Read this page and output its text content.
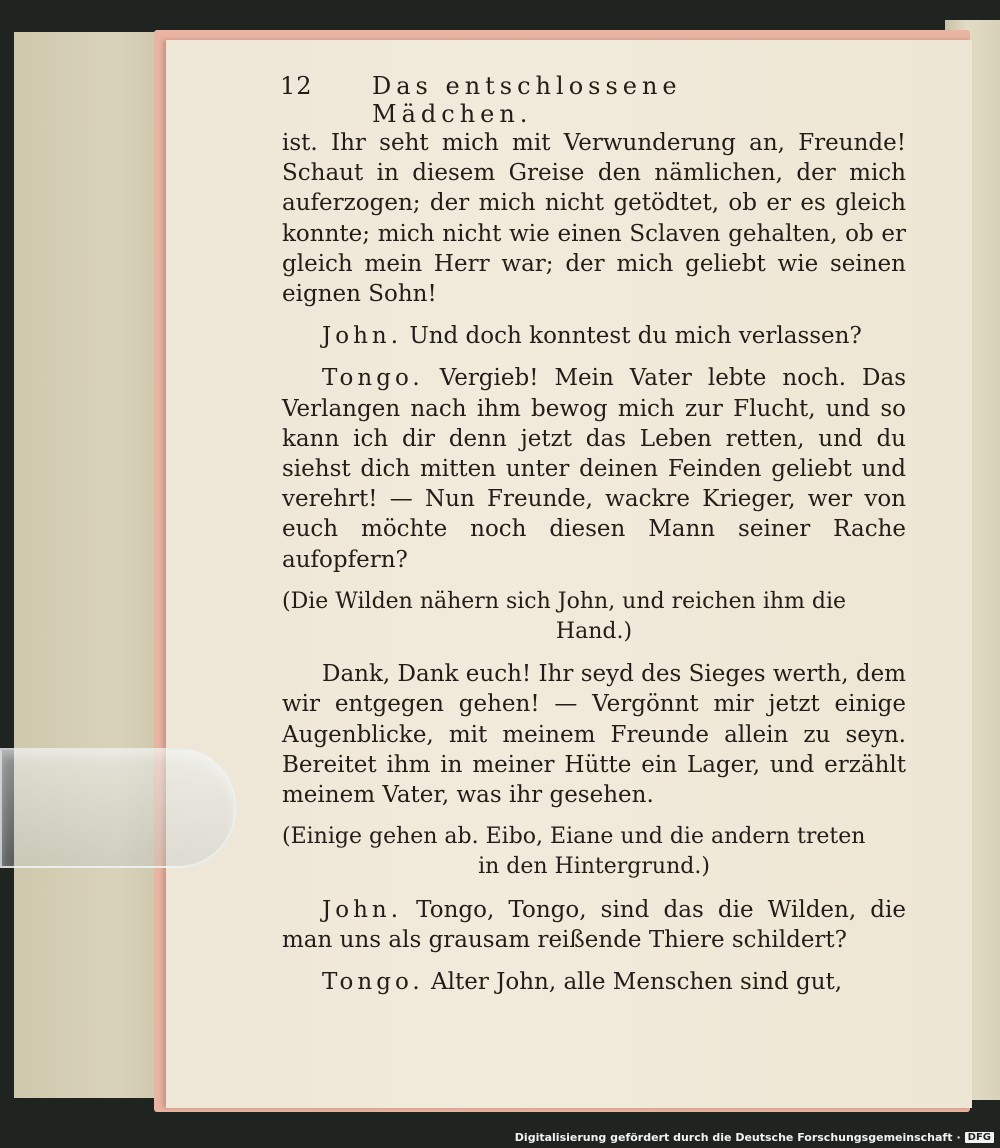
12 Das entschlossene Mädchen.

ist. Ihr seht mich mit Verwunderung an, Freunde! Schaut in diesem Greise den nämlichen, der mich auferzogen; der mich nicht getödtet, ob er es gleich konnte; mich nicht wie einen Sclaven gehalten, ob er gleich mein Herr war; der mich geliebt wie seinen eignen Sohn!

John. Und doch konntest du mich verlassen?

Tongo. Vergieb! Mein Vater lebte noch. Das Verlangen nach ihm bewog mich zur Flucht, und so kann ich dir denn jetzt das Leben retten, und du siehst dich mitten unter deinen Feinden geliebt und verehrt! — Nun Freunde, wackre Krieger, wer von euch möchte noch diesen Mann seiner Rache aufopfern?

(Die Wilden nähern sich John, und reichen ihm die
Hand.)

Dank, Dank euch! Ihr seyd des Sieges werth, dem wir entgegen gehen! — Vergönnt mir jetzt einige Augenblicke, mit meinem Freunde allein zu seyn. Bereitet ihm in meiner Hütte ein Lager, und erzählt meinem Vater, was ihr gesehen.

(Einige gehen ab. Eibo, Eiane und die andern treten
in den Hintergrund.)

John. Tongo, Tongo, sind das die Wilden, die man uns als grausam reißende Thiere schildert?

Tongo. Alter John, alle Menschen sind gut,

Digitalisierung gefördert durch die Deutsche Forschungsgemeinschaft · DFG
